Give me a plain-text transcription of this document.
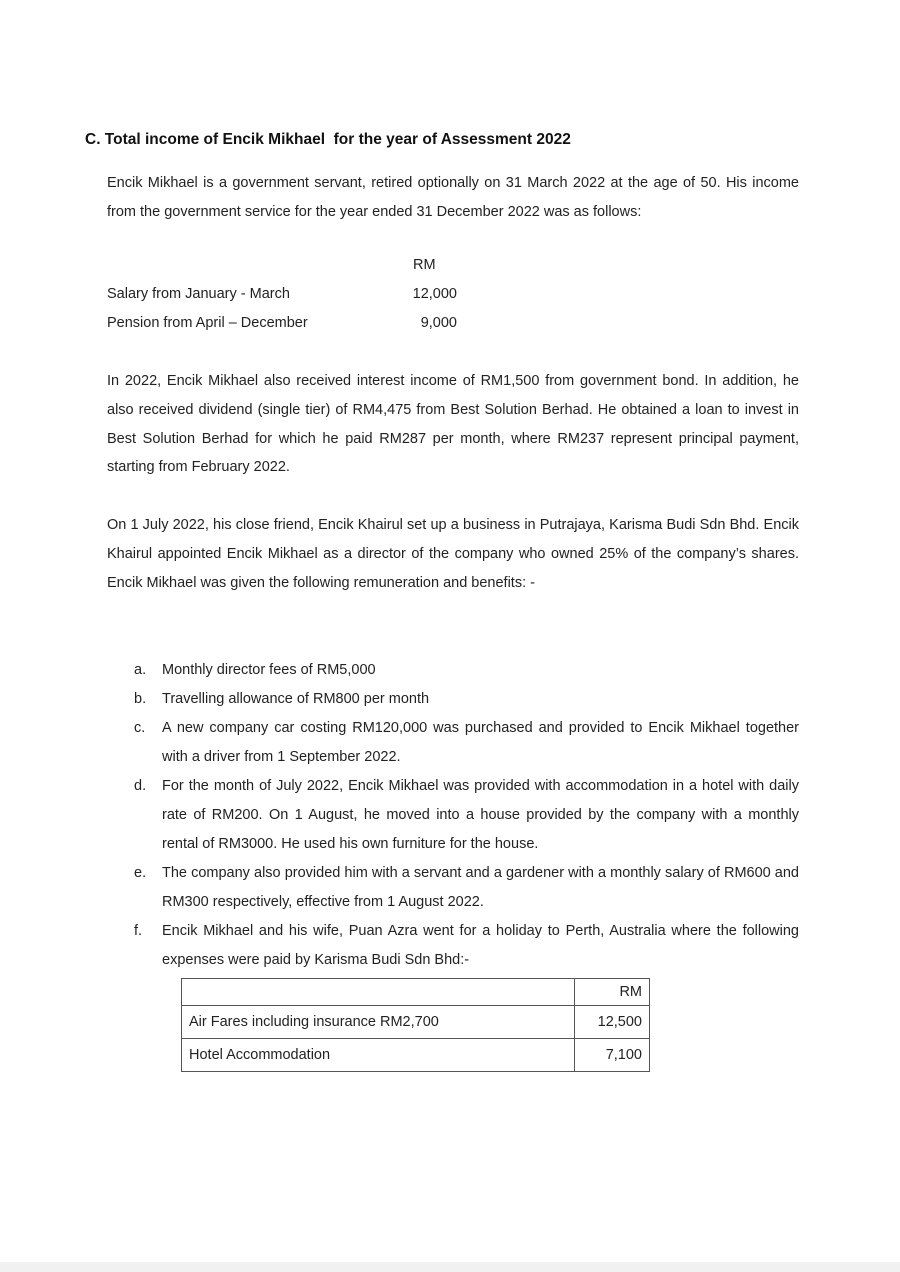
C. Total income of Encik Mikhael  for the year of Assessment 2022

Encik Mikhael is a government servant, retired optionally on 31 March 2022 at the age of 50. His income from the government service for the year ended 31 December 2022 was as follows:

RM
Salary from January - March	12,000
Pension from April – December	9,000

In 2022, Encik Mikhael also received interest income of RM1,500 from government bond. In addition, he also received dividend (single tier) of RM4,475 from Best Solution Berhad. He obtained a loan to invest in Best Solution Berhad for which he paid RM287 per month, where RM237 represent principal payment, starting from February 2022.

On 1 July 2022, his close friend, Encik Khairul set up a business in Putrajaya, Karisma Budi Sdn Bhd. Encik Khairul appointed Encik Mikhael as a director of the company who owned 25% of the company’s shares. Encik Mikhael was given the following remuneration and benefits: -

a. Monthly director fees of RM5,000
b. Travelling allowance of RM800 per month
c. A new company car costing RM120,000 was purchased and provided to Encik Mikhael together with a driver from 1 September 2022.
d. For the month of July 2022, Encik Mikhael was provided with accommodation in a hotel with daily rate of RM200. On 1 August, he moved into a house provided by the company with a monthly rental of RM3000. He used his own furniture for the house.
e. The company also provided him with a servant and a gardener with a monthly salary of RM600 and RM300 respectively, effective from 1 August 2022.
f. Encik Mikhael and his wife, Puan Azra went for a holiday to Perth, Australia where the following expenses were paid by Karisma Budi Sdn Bhd:-
	RM
Air Fares including insurance RM2,700	12,500
Hotel Accommodation	7,100
